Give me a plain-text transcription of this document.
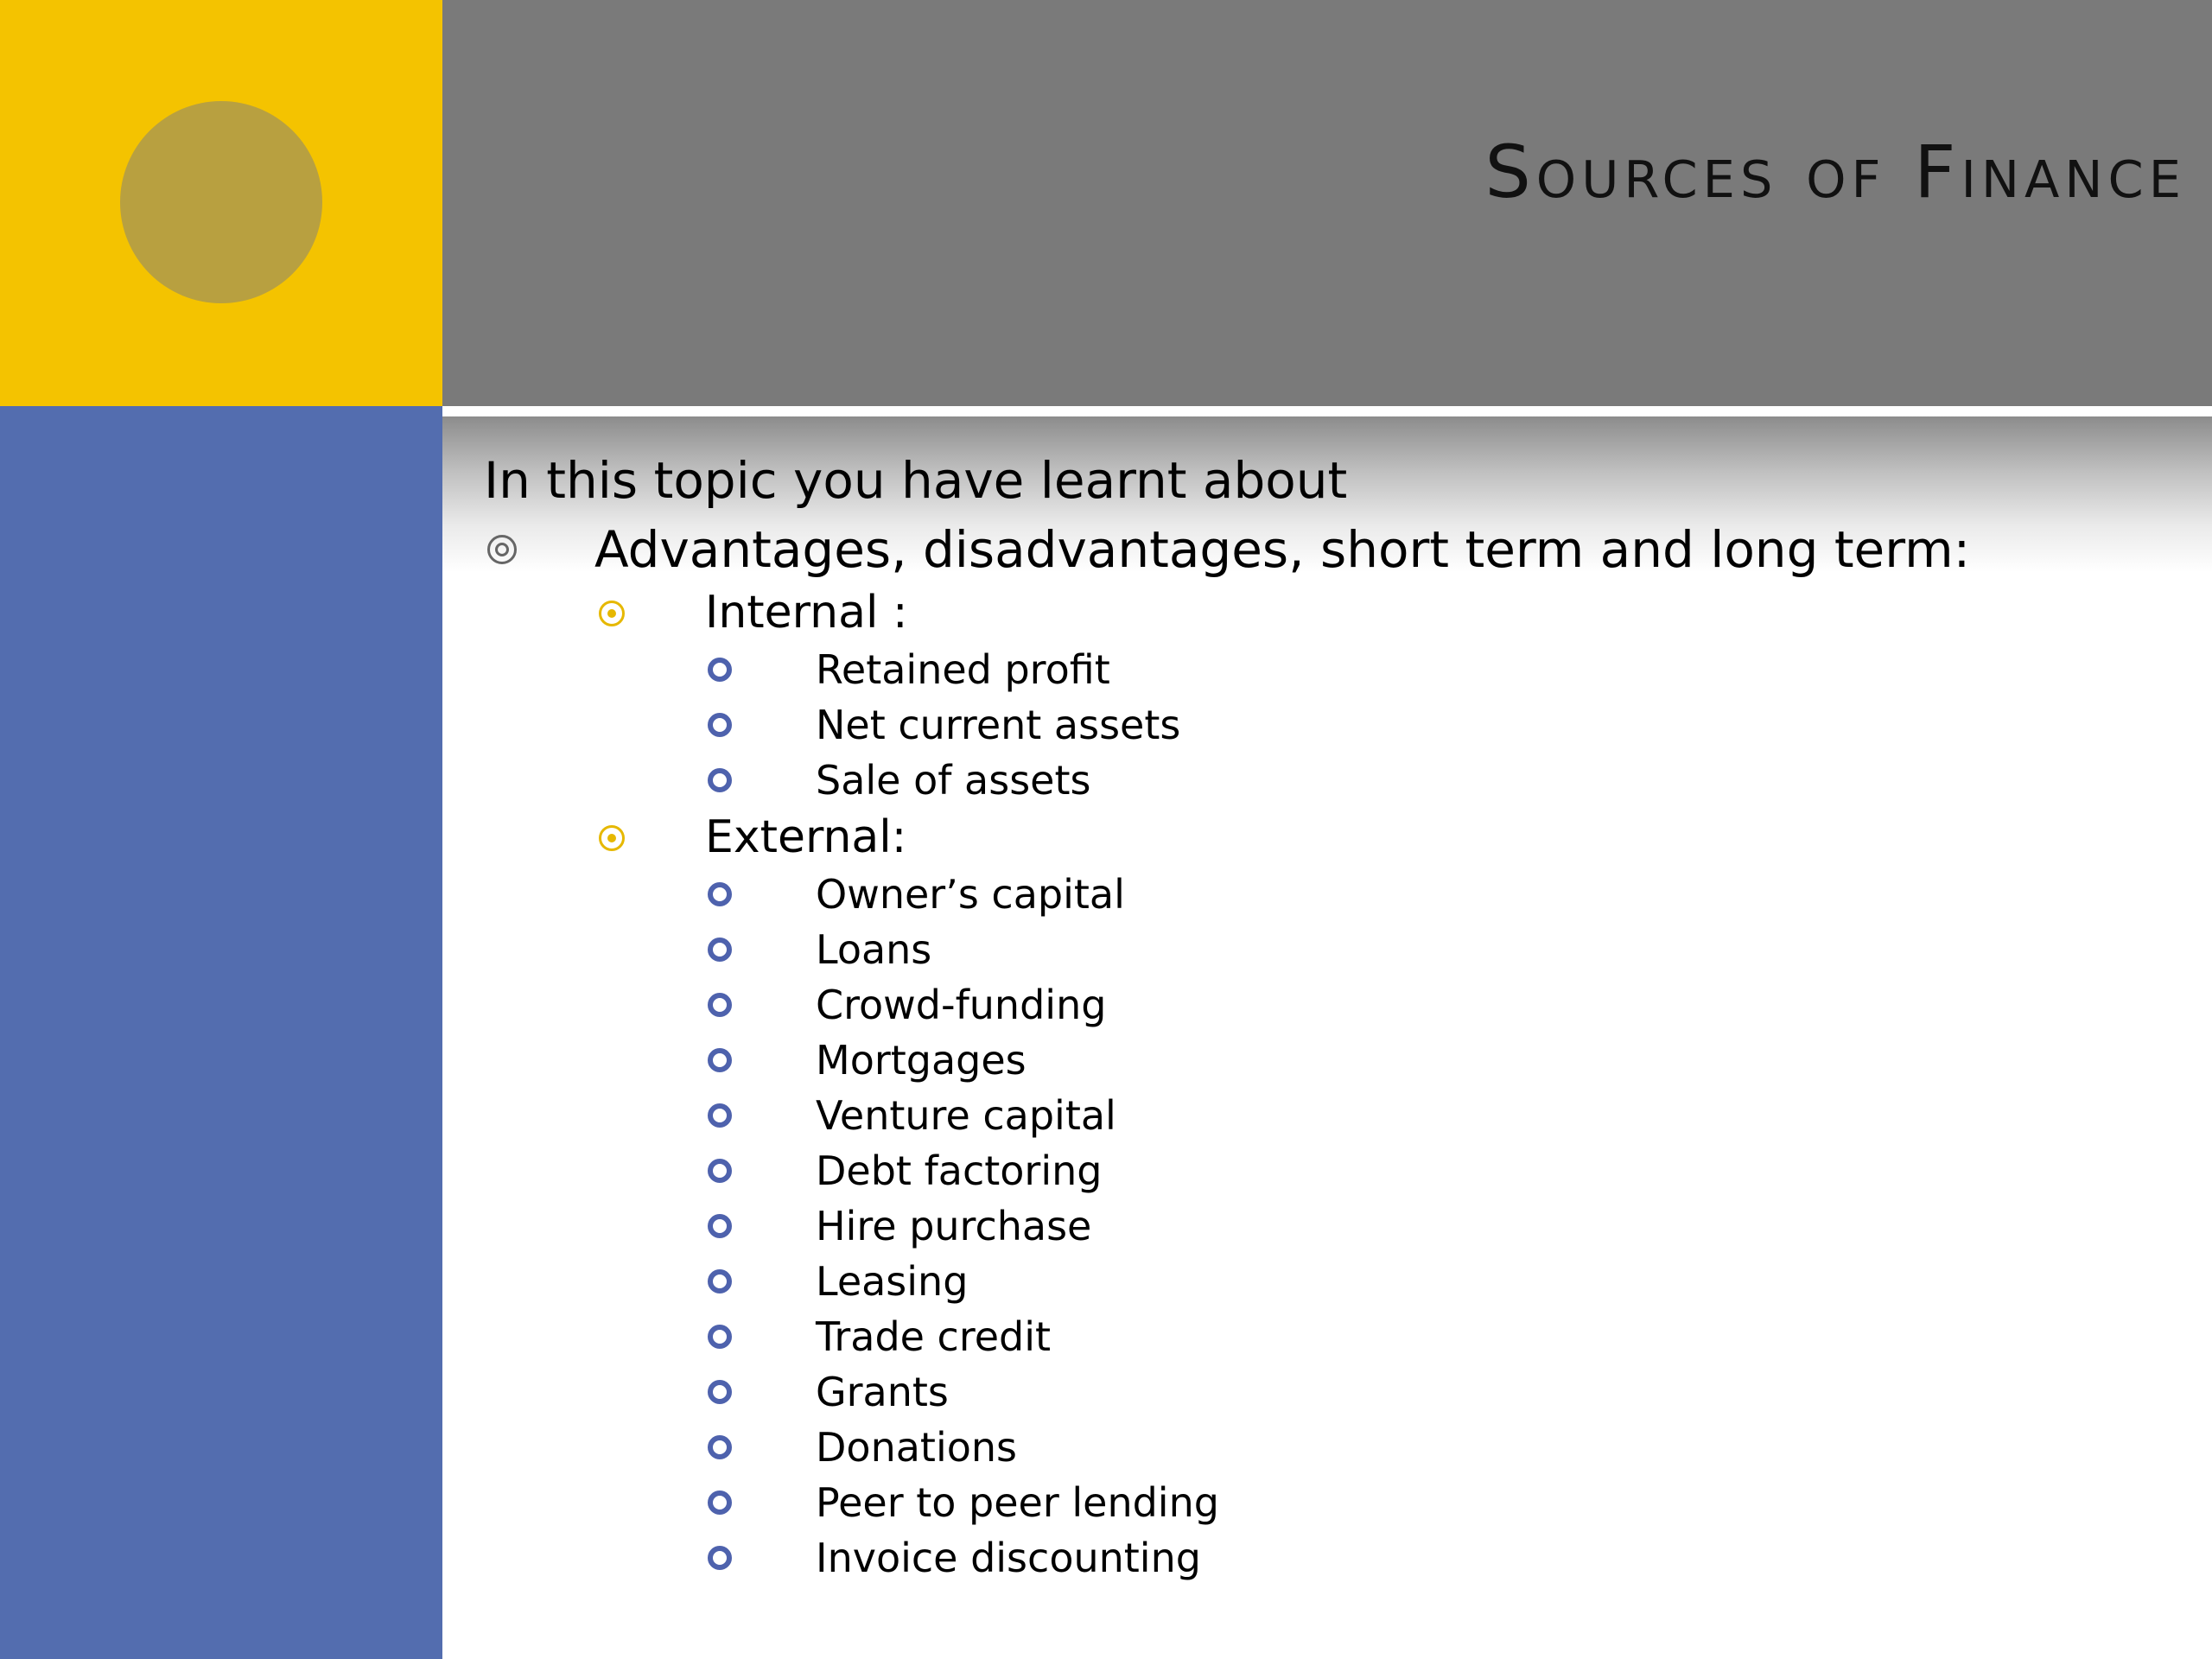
Sources of Finance
In this topic you have learnt about
Advantages, disadvantages, short term and long term:
Internal :
Retained profit
Net current assets
Sale of assets
External:
Owner’s capital
Loans
Crowd-funding
Mortgages
Venture capital
Debt factoring
Hire purchase
Leasing
Trade credit
Grants
Donations
Peer to peer lending
Invoice discounting
